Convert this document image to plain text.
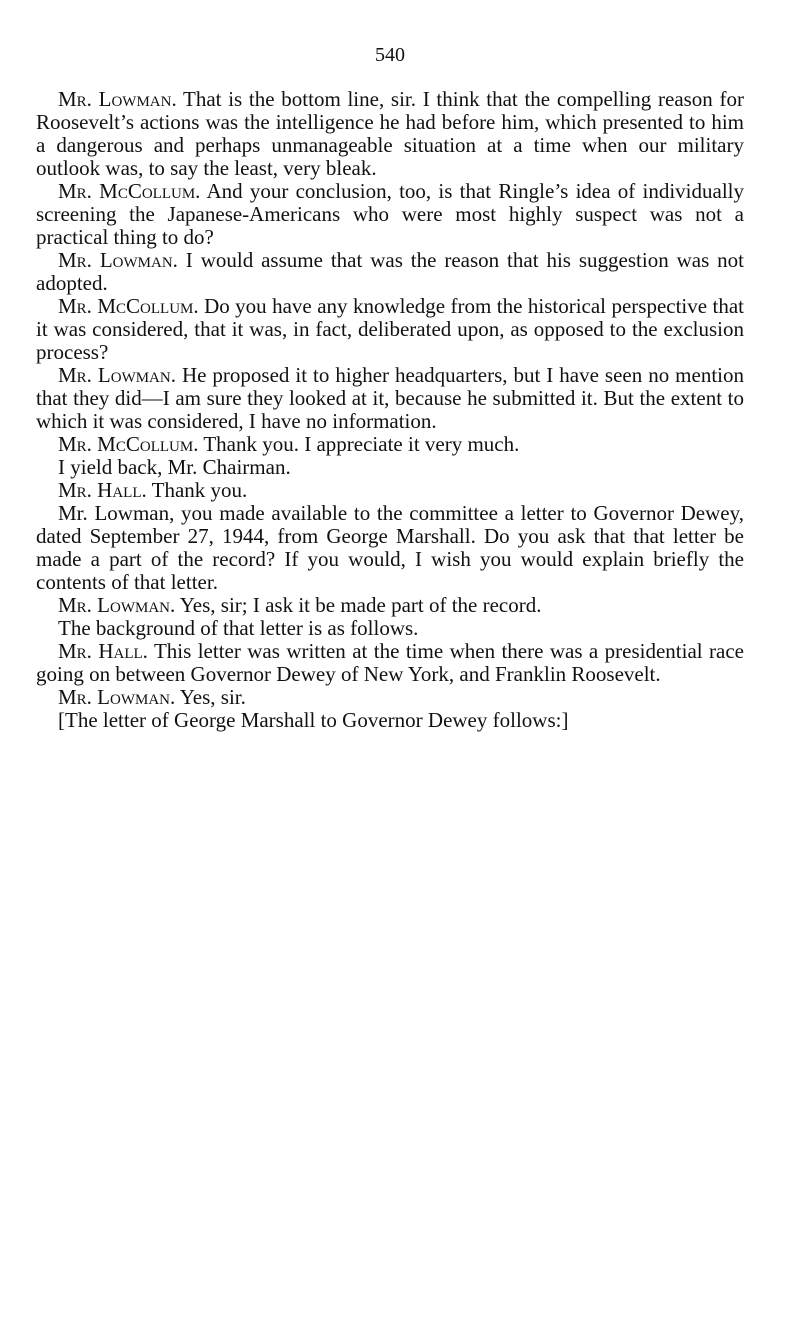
540

Mr. Lowman. That is the bottom line, sir. I think that the compelling reason for Roosevelt’s actions was the intelligence he had before him, which presented to him a dangerous and perhaps unmanageable situation at a time when our military outlook was, to say the least, very bleak.

Mr. McCollum. And your conclusion, too, is that Ringle’s idea of individually screening the Japanese-Americans who were most highly suspect was not a practical thing to do?

Mr. Lowman. I would assume that was the reason that his suggestion was not adopted.

Mr. McCollum. Do you have any knowledge from the historical perspective that it was considered, that it was, in fact, deliberated upon, as opposed to the exclusion process?

Mr. Lowman. He proposed it to higher headquarters, but I have seen no mention that they did—I am sure they looked at it, because he submitted it. But the extent to which it was considered, I have no information.

Mr. McCollum. Thank you. I appreciate it very much.

I yield back, Mr. Chairman.

Mr. Hall. Thank you.

Mr. Lowman, you made available to the committee a letter to Governor Dewey, dated September 27, 1944, from George Marshall. Do you ask that that letter be made a part of the record? If you would, I wish you would explain briefly the contents of that letter.

Mr. Lowman. Yes, sir; I ask it be made part of the record.

The background of that letter is as follows.

Mr. Hall. This letter was written at the time when there was a presidential race going on between Governor Dewey of New York, and Franklin Roosevelt.

Mr. Lowman. Yes, sir.

[The letter of George Marshall to Governor Dewey follows:]
